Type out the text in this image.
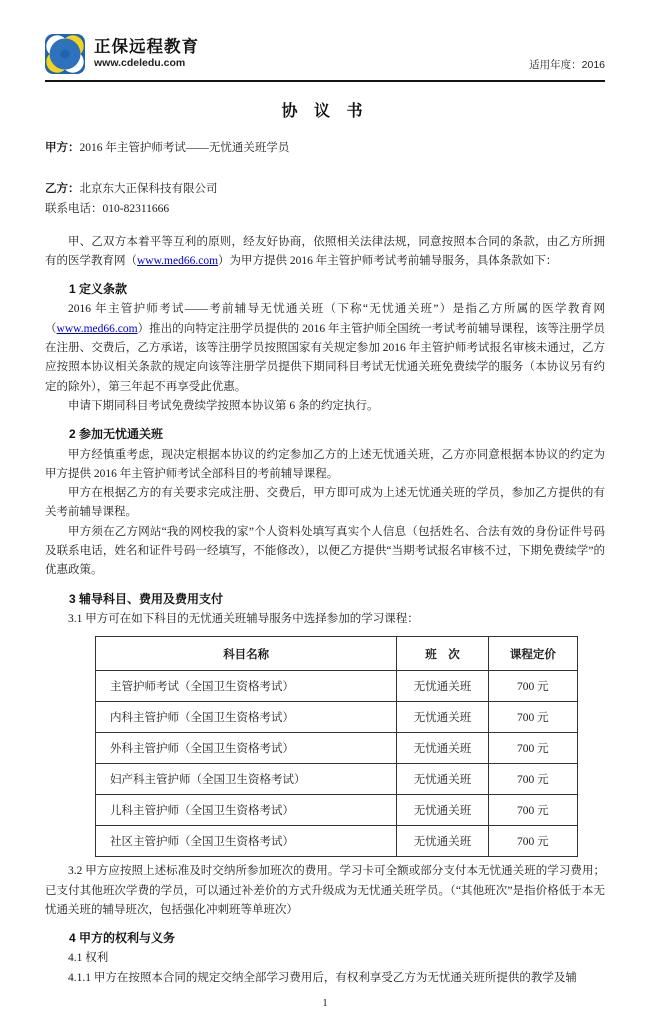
正保远程教育
www.cdeledu.com	适用年度：2016
协 议 书

甲方：2016 年主管护师考试——无忧通关班学员

乙方：北京东大正保科技有限公司

联系电话：010-82311666

甲、乙双方本着平等互利的原则，经友好协商，依照相关法律法规，同意按照本合同的条款，由乙方所拥有的医学教育网（www.med66.com）为甲方提供 2016 年主管护师考试考前辅导服务，具体条款如下：

1 定义条款

2016 年主管护师考试——考前辅导无忧通关班（下称“无忧通关班”）是指乙方所属的医学教育网（www.med66.com）推出的向特定注册学员提供的 2016 年主管护师全国统一考试考前辅导课程，该等注册学员在注册、交费后，乙方承诺，该等注册学员按照国家有关规定参加 2016 年主管护师考试报名审核未通过，乙方应按照本协议相关条款的规定向该等注册学员提供下期同科目考试无忧通关班免费续学的服务（本协议另有约定的除外），第三年起不再享受此优惠。

申请下期同科目考试免费续学按照本协议第 6 条的约定执行。

2 参加无忧通关班

甲方经慎重考虑，现决定根据本协议的约定参加乙方的上述无忧通关班，乙方亦同意根据本协议的约定为甲方提供 2016 年主管护师考试全部科目的考前辅导课程。

甲方在根据乙方的有关要求完成注册、交费后，甲方即可成为上述无忧通关班的学员，参加乙方提供的有关考前辅导课程。

甲方须在乙方网站“我的网校我的家”个人资料处填写真实个人信息（包括姓名、合法有效的身份证件号码及联系电话，姓名和证件号码一经填写，不能修改），以便乙方提供“当期考试报名审核不过，下期免费续学”的优惠政策。

3 辅导科目、费用及费用支付

3.1 甲方可在如下科目的无忧通关班辅导服务中选择参加的学习课程：

科目名称	班　次	课程定价
主管护师考试（全国卫生资格考试）	无忧通关班	700 元
内科主管护师（全国卫生资格考试）	无忧通关班	700 元
外科主管护师（全国卫生资格考试）	无忧通关班	700 元
妇产科主管护师（全国卫生资格考试）	无忧通关班	700 元
儿科主管护师（全国卫生资格考试）	无忧通关班	700 元
社区主管护师（全国卫生资格考试）	无忧通关班	700 元

3.2 甲方应按照上述标准及时交纳所参加班次的费用。学习卡可全额或部分支付本无忧通关班的学习费用；已支付其他班次学费的学员，可以通过补差价的方式升级成为无忧通关班学员。（“其他班次”是指价格低于本无忧通关班的辅导班次，包括强化冲刺班等单班次）

4 甲方的权利与义务

4.1 权利

4.1.1 甲方在按照本合同的规定交纳全部学习费用后，有权利享受乙方为无忧通关班所提供的教学及辅

1
